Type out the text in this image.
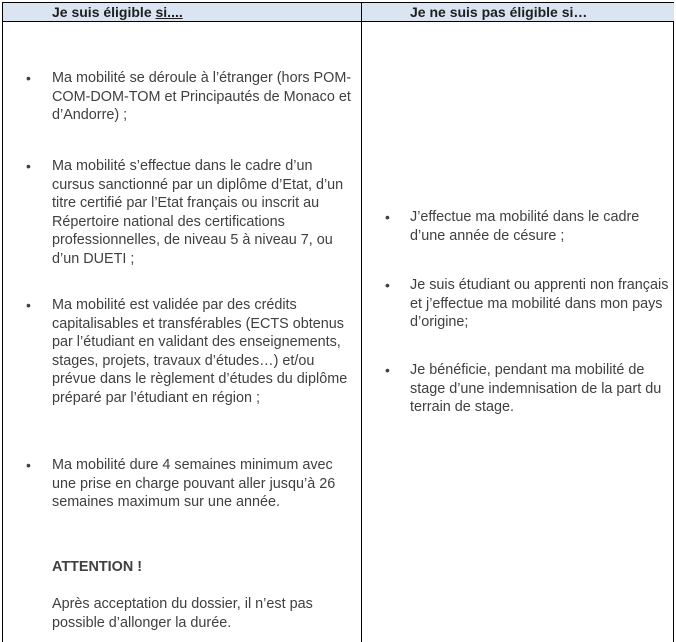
Je suis éligible si....	Je ne suis pas éligible si…
• Ma mobilité se déroule à l’étranger (hors POM-COM-DOM-TOM et Principautés de Monaco et d’Andorre) ;
• Ma mobilité s’effectue dans le cadre d’un cursus sanctionné par un diplôme d’Etat, d’un titre certifié par l’Etat français ou inscrit au Répertoire national des certifications professionnelles, de niveau 5 à niveau 7, ou d’un DUETI ;
• Ma mobilité est validée par des crédits capitalisables et transférables (ECTS obtenus par l’étudiant en validant des enseignements, stages, projets, travaux d’études…) et/ou prévue dans le règlement d’études du diplôme préparé par l’étudiant en région ;
• Ma mobilité dure 4 semaines minimum avec une prise en charge pouvant aller jusqu’à 26 semaines maximum sur une année.
ATTENTION !
Après acceptation du dossier, il n’est pas possible d’allonger la durée.
• J’effectue ma mobilité dans le cadre d’une année de césure ;
• Je suis étudiant ou apprenti non français et j’effectue ma mobilité dans mon pays d’origine;
• Je bénéficie, pendant ma mobilité de stage d’une indemnisation de la part du terrain de stage.
